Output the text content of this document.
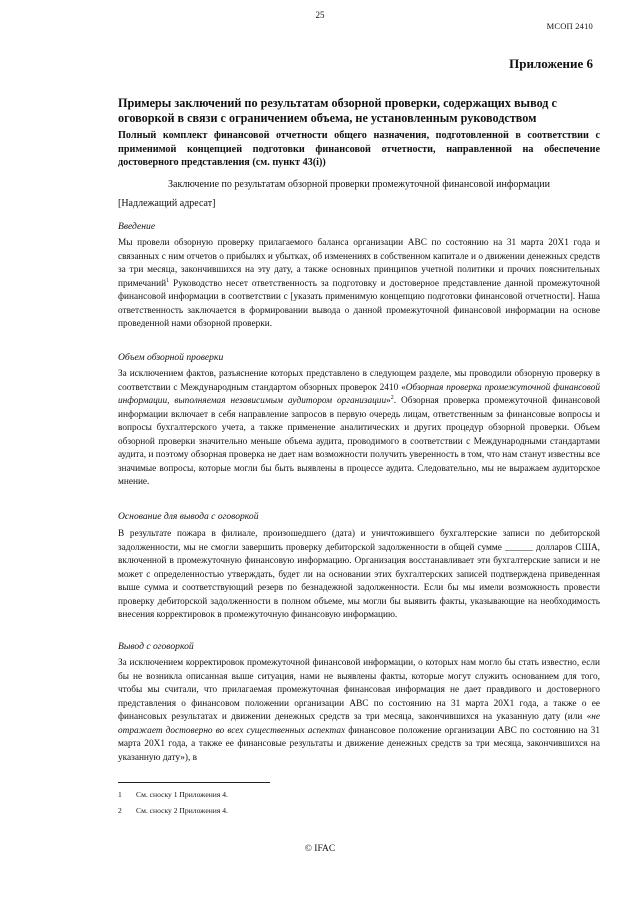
25
МСОП 2410
Приложение 6
Примеры заключений по результатам обзорной проверки, содержащих вывод с оговоркой в связи с ограничением объема, не установленным руководством
Полный комплект финансовой отчетности общего назначения, подготовленной в соответствии с применимой концепцией подготовки финансовой отчетности, направленной на обеспечение достоверного представления (см. пункт 43(i))
Заключение по результатам обзорной проверки промежуточной финансовой информации
[Надлежащий адресат]
Введение
Мы провели обзорную проверку прилагаемого баланса организации АВС по состоянию на 31 марта 20X1 года и связанных с ним отчетов о прибылях и убытках, об изменениях в собственном капитале и о движении денежных средств за три месяца, закончившихся на эту дату, а также основных принципов учетной политики и прочих пояснительных примечаний$^1$ Руководство несет ответственность за подготовку и достоверное представление данной промежуточной финансовой информации в соответствии с [указать применимую концепцию подготовки финансовой отчетности]. Наша ответственность заключается в формировании вывода о данной промежуточной финансовой информации на основе проведенной нами обзорной проверки.
Объем обзорной проверки
За исключением фактов, разъяснение которых представлено в следующем разделе, мы проводили обзорную проверку в соответствии с Международным стандартом обзорных проверок 2410 «Обзорная проверка промежуточной финансовой информации, выполняемая независимым аудитором организации»$^2$. Обзорная проверка промежуточной финансовой информации включает в себя направление запросов в первую очередь лицам, ответственным за финансовые вопросы и вопросы бухгалтерского учета, а также применение аналитических и других процедур обзорной проверки. Объем обзорной проверки значительно меньше объема аудита, проводимого в соответствии с Международными стандартами аудита, и поэтому обзорная проверка не дает нам возможности получить уверенность в том, что нам станут известны все значимые вопросы, которые могли бы быть выявлены в процессе аудита. Следовательно, мы не выражаем аудиторское мнение.
Основание для вывода с оговоркой
В результате пожара в филиале, произошедшего (дата) и уничтожившего бухгалтерские записи по дебиторской задолженности, мы не смогли завершить проверку дебиторской задолженности в общей сумме ______ долларов США, включенной в промежуточную финансовую информацию. Организация восстанавливает эти бухгалтерские записи и не может с определенностью утверждать, будет ли на основании этих бухгалтерских записей подтверждена приведенная выше сумма и соответствующий резерв по безнадежной задолженности. Если бы мы имели возможность провести проверку дебиторской задолженности в полном объеме, мы могли бы выявить факты, указывающие на необходимость внесения корректировок в промежуточную финансовую информацию.
Вывод с оговоркой
За исключением корректировок промежуточной финансовой информации, о которых нам могло бы стать известно, если бы не возникла описанная выше ситуация, нами не выявлены факты, которые могут служить основанием для того, чтобы мы считали, что прилагаемая промежуточная финансовая информация не дает правдивого и достоверного представления о финансовом положении организации АВС по состоянию на 31 марта 20X1 года, а также о ее финансовых результатах и движении денежных средств за три месяца, закончившихся на указанную дату (или «не отражает достоверно во всех существенных аспектах финансовое положение организации АВС по состоянию на 31 марта 20X1 года, а также ее финансовые результаты и движение денежных средств за три месяца, закончившихся на указанную дату»), в
1 См. сноску 1 Приложения 4.
2 См. сноску 2 Приложения 4.
© IFAC
